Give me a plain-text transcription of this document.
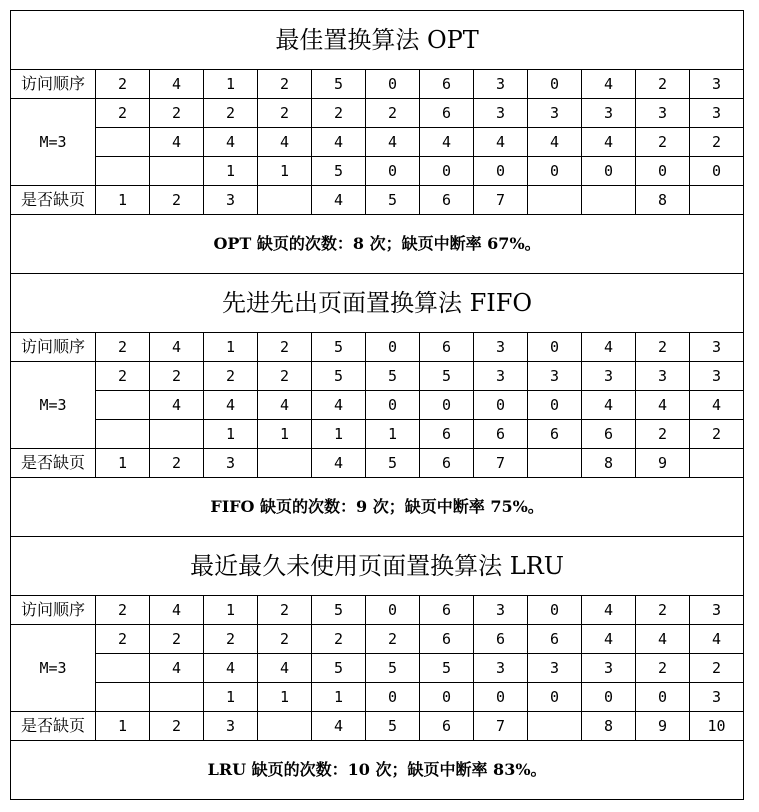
最佳置换算法 OPT												
访问顺序	2	4	1	2	5	0	6	3	0	4	2	3
M=3	2	2	2	2	2	2	6	3	3	3	3	3
		4	4	4	4	4	4	4	4	4	2	2
			1	1	5	0	0	0	0	0	0	0
是否缺页	1	2	3		4	5	6	7			8	
OPT 缺页的次数：8 次；缺页中断率 67%。												
先进先出页面置换算法 FIFO												
访问顺序	2	4	1	2	5	0	6	3	0	4	2	3
M=3	2	2	2	2	5	5	5	3	3	3	3	3
		4	4	4	4	0	0	0	0	4	4	4
			1	1	1	1	6	6	6	6	2	2
是否缺页	1	2	3		4	5	6	7		8	9	
FIFO 缺页的次数：9 次；缺页中断率 75%。												
最近最久未使用页面置换算法 LRU												
访问顺序	2	4	1	2	5	0	6	3	0	4	2	3
M=3	2	2	2	2	2	2	6	6	6	4	4	4
		4	4	4	5	5	5	3	3	3	2	2
			1	1	1	0	0	0	0	0	0	3
是否缺页	1	2	3		4	5	6	7		8	9	10
LRU 缺页的次数：10 次；缺页中断率 83%。												
